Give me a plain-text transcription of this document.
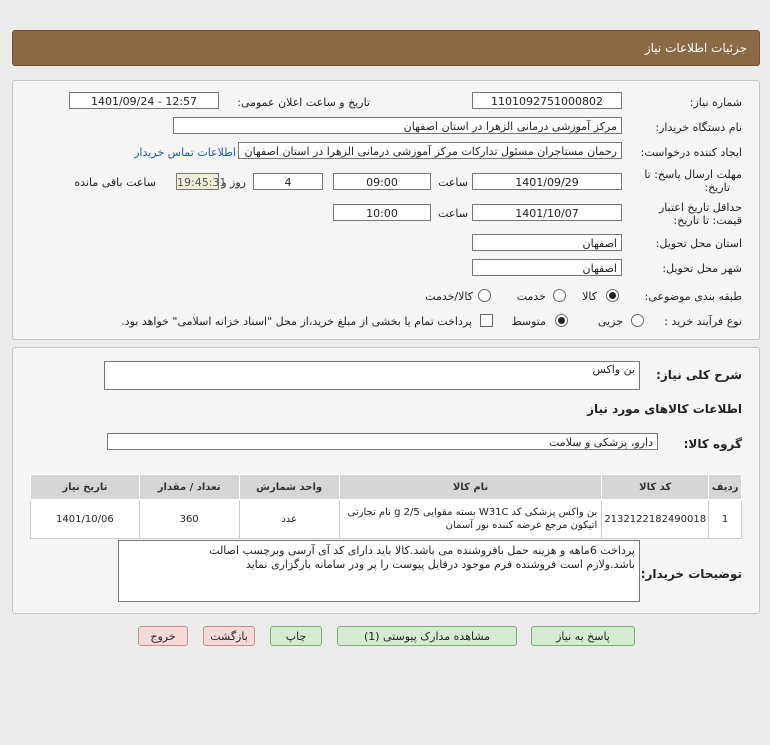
جزئیات اطلاعات نیاز
شماره نیاز:
1101092751000802
تاریخ و ساعت اعلان عمومی:
1401/09/24 - 12:57
نام دستگاه خریدار:
مرکز آموزشی درمانی الزهرا در استان اصفهان
ایجاد کننده درخواست:
رحمان مستاجران مسئول تدارکات مرکز آموزشی درمانی الزهرا در استان اصفهان
اطلاعات تماس خریدار
مهلت ارسال پاسخ: تا
تاریخ:
1401/09/29
ساعت
09:00
4
روز و
19:45:31
ساعت باقی مانده
حداقل تاریخ اعتبار
قیمت: تا تاریخ:
1401/10/07
ساعت
10:00
استان محل تحویل:
اصفهان
شهر محل تحویل:
اصفهان
طبقه بندی موضوعی:
کالا
خدمت
کالا/خدمت
نوع فرآیند خرید :
جزیی
متوسط
پرداخت تمام یا بخشی از مبلغ خرید،از محل "اسناد خزانه اسلامی" خواهد بود.
شرح کلی نیاز:
بن واکس
اطلاعات کالاهای مورد نیاز
گروه کالا:
دارو، پزشکی و سلامت
ردیف	کد کالا	نام کالا	واحد شمارش	تعداد / مقدار	تاریخ نیاز
1	2132122182490018	بن واکس پزشکی کد W31C بسته مقوایی 2/5 g نام تجارتی اتیکون مرجع عرضه کننده نور آسمان	عدد	360	1401/10/06
توضیحات خریدار:
پرداخت 6ماهه و هزینه حمل بافروشنده می باشد.کالا باید دارای کد آی آرسی وبرچسب اصالت
باشد.ولازم است فروشنده فرم موجود درفایل پیوست را پر ودر سامانه بارگزاری نماید
پاسخ به نیاز
مشاهده مدارک پیوستی (1)
چاپ
بازگشت
خروج
